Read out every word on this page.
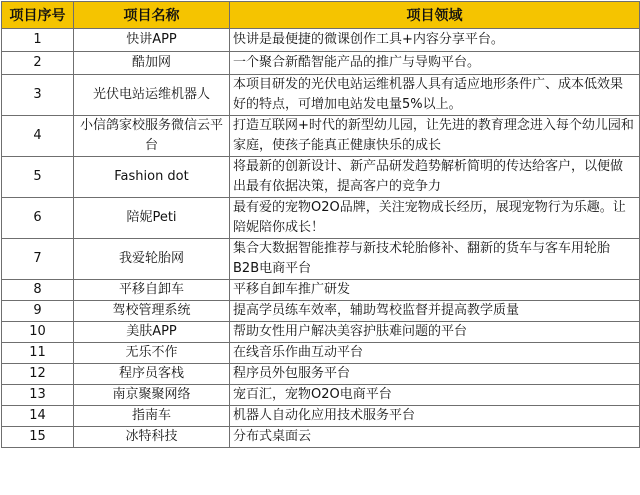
项目序号	项目名称	项目领域
1	快讲APP	快讲是最便捷的微课创作工具+内容分享平台。
2	酷加网	一个聚合新酷智能产品的推广与导购平台。
3	光伏电站运维机器人	本项目研发的光伏电站运维机器人具有适应地形条件广、成本低效果好的特点，可增加电站发电量5%以上。
4	小信鸽家校服务微信云平台	打造互联网+时代的新型幼儿园，让先进的教育理念进入每个幼儿园和家庭，使孩子能真正健康快乐的成长
5	Fashion dot	将最新的创新设计、新产品研发趋势解析简明的传达给客户，以便做出最有依据决策，提高客户的竞争力
6	陪妮Peti	最有爱的宠物O2O品牌，关注宠物成长经历，展现宠物行为乐趣。让陪妮陪你成长！
7	我爱轮胎网	集合大数据智能推荐与新技术轮胎修补、翻新的货车与客车用轮胎B2B电商平台
8	平移自卸车	平移自卸车推广研发
9	驾校管理系统	提高学员练车效率，辅助驾校监督并提高教学质量
10	美肤APP	帮助女性用户解决美容护肤难问题的平台
11	无乐不作	在线音乐作曲互动平台
12	程序员客栈	程序员外包服务平台
13	南京聚聚网络	宠百汇，宠物O2O电商平台
14	指南车	机器人自动化应用技术服务平台
15	冰特科技	分布式桌面云
